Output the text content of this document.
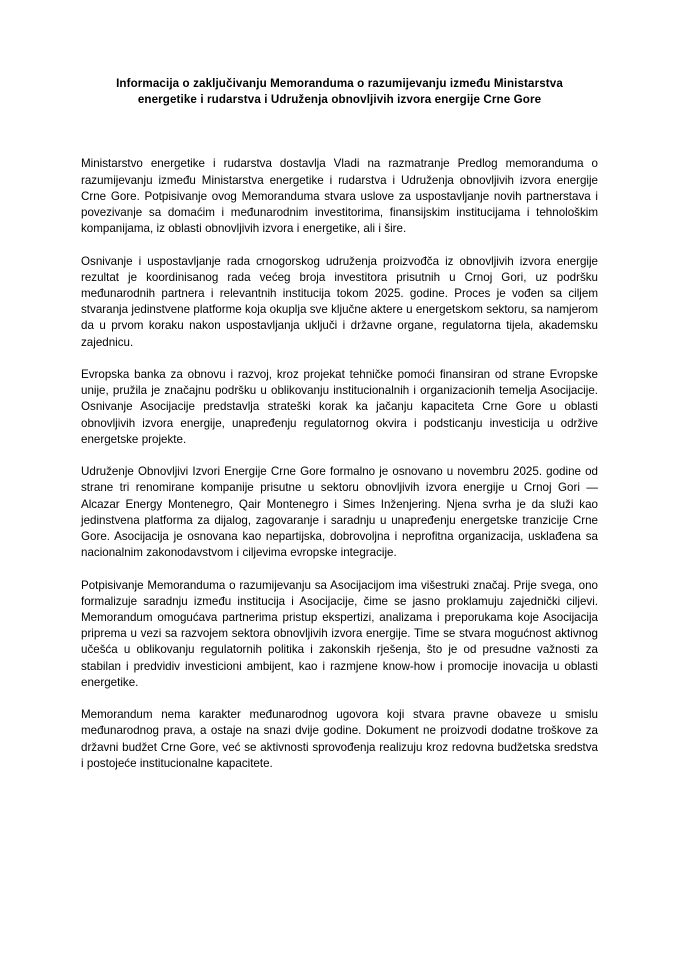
Informacija o zaključivanju Memoranduma o razumijevanju između Ministarstva
energetike i rudarstva i Udruženja obnovljivih izvora energije Crne Gore

Ministarstvo energetike i rudarstva dostavlja Vladi na razmatranje Predlog memoranduma o razumijevanju između Ministarstva energetike i rudarstva i Udruženja obnovljivih izvora energije Crne Gore. Potpisivanje ovog Memoranduma stvara uslove za uspostavljanje novih partnerstava i povezivanje sa domaćim i međunarodnim investitorima, finansijskim institucijama i tehnološkim kompanijama, iz oblasti obnovljivih izvora i energetike, ali i šire.

Osnivanje i uspostavljanje rada crnogorskog udruženja proizvođča iz obnovljivih izvora energije rezultat je koordinisanog rada većeg broja investitora prisutnih u Crnoj Gori, uz podršku međunarodnih partnera i relevantnih institucija tokom 2025. godine. Proces je vođen sa ciljem stvaranja jedinstvene platforme koja okuplja sve ključne aktere u energetskom sektoru, sa namjerom da u prvom koraku nakon uspostavljanja uključi i državne organe, regulatorna tijela, akademsku zajednicu.

Evropska banka za obnovu i razvoj, kroz projekat tehničke pomoći finansiran od strane Evropske unije, pružila je značajnu podršku u oblikovanju institucionalnih i organizacionih temelja Asocijacije. Osnivanje Asocijacije predstavlja strateški korak ka jačanju kapaciteta Crne Gore u oblasti obnovljivih izvora energije, unapređenju regulatornog okvira i podsticanju investicija u održive energetske projekte.

Udruženje Obnovljivi Izvori Energije Crne Gore formalno je osnovano u novembru 2025. godine od strane tri renomirane kompanije prisutne u sektoru obnovljivih izvora energije u Crnoj Gori — Alcazar Energy Montenegro, Qair Montenegro i Simes Inženjering. Njena svrha je da služi kao jedinstvena platforma za dijalog, zagovaranje i saradnju u unapređenju energetske tranzicije Crne Gore. Asocijacija je osnovana kao nepartijska, dobrovoljna i neprofitna organizacija, usklađena sa nacionalnim zakonodavstvom i ciljevima evropske integracije.

Potpisivanje Memoranduma o razumijevanju sa Asocijacijom ima višestruki značaj. Prije svega, ono formalizuje saradnju između institucija i Asocijacije, čime se jasno proklamuju zajednički ciljevi. Memorandum omogućava partnerima pristup ekspertizi, analizama i preporukama koje Asocijacija priprema u vezi sa razvojem sektora obnovljivih izvora energije. Time se stvara mogućnost aktivnog učešća u oblikovanju regulatornih politika i zakonskih rješenja, što je od presudne važnosti za stabilan i predvidiv investicioni ambijent, kao i razmjene know-how i promocije inovacija u oblasti energetike.

Memorandum nema karakter međunarodnog ugovora koji stvara pravne obaveze u smislu međunarodnog prava, a ostaje na snazi dvije godine. Dokument ne proizvodi dodatne troškove za državni budžet Crne Gore, već se aktivnosti sprovođenja realizuju kroz redovna budžetska sredstva i postojeće institucionalne kapacitete.
